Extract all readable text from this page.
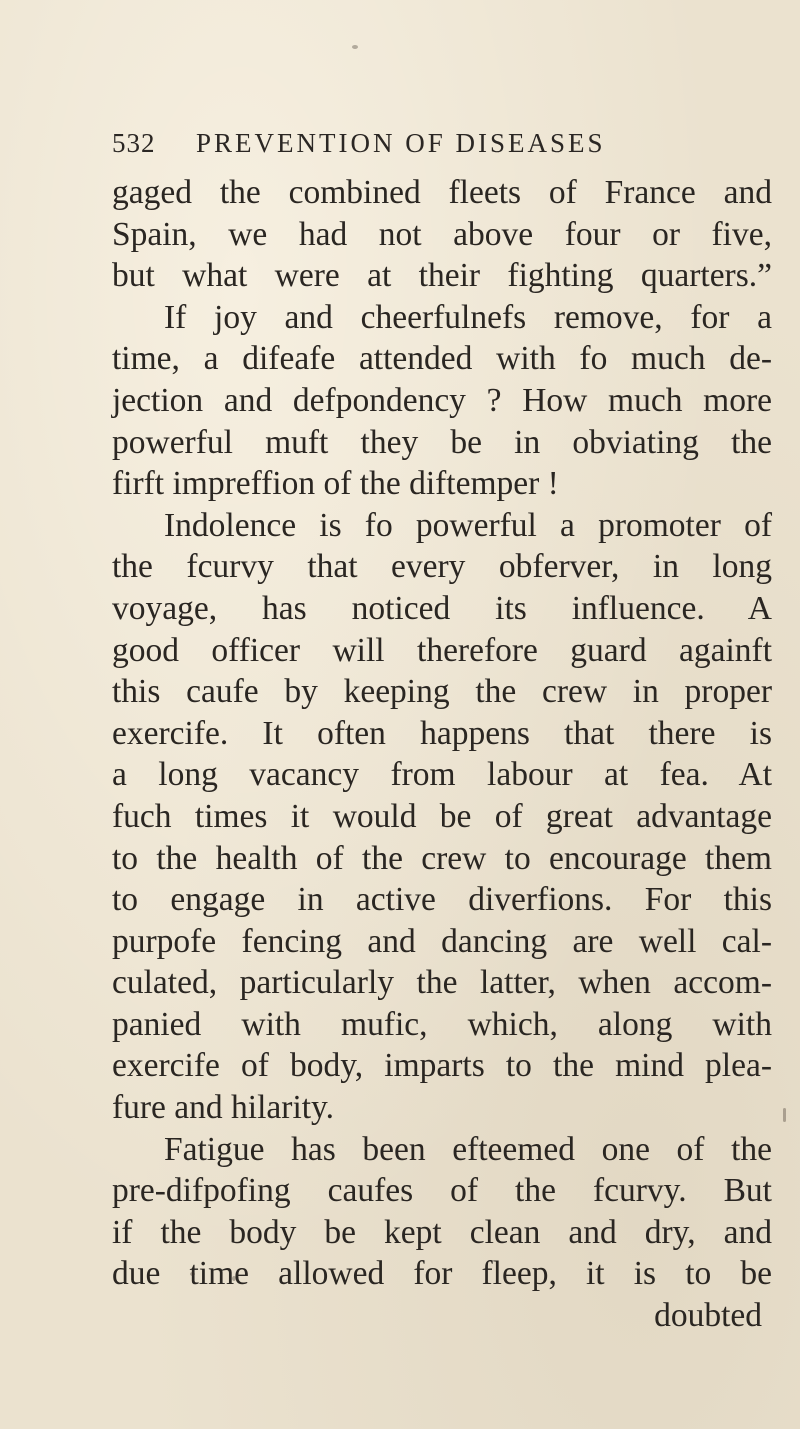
532 PREVENTION OF DISEASES
gaged the combined fleets of France and
Spain, we had not above four or five,
but what were at their fighting quarters.”
If joy and cheerfulnefs remove, for a
time, a difeafe attended with fo much de-
jection and defpondency ? How much more
powerful muft they be in obviating the
firft impreffion of the diftemper !
Indolence is fo powerful a promoter of
the fcurvy that every obferver, in long
voyage, has noticed its influence. A
good officer will therefore guard againft
this caufe by keeping the crew in proper
exercife. It often happens that there is
a long vacancy from labour at fea. At
fuch times it would be of great advantage
to the health of the crew to encourage them
to engage in active diverfions. For this
purpofe fencing and dancing are well cal-
culated, particularly the latter, when accom-
panied with mufic, which, along with
exercife of body, imparts to the mind plea-
fure and hilarity.
Fatigue has been efteemed one of the
pre-difpofing caufes of the fcurvy. But
if the body be kept clean and dry, and
due time allowed for fleep, it is to be
doubted
